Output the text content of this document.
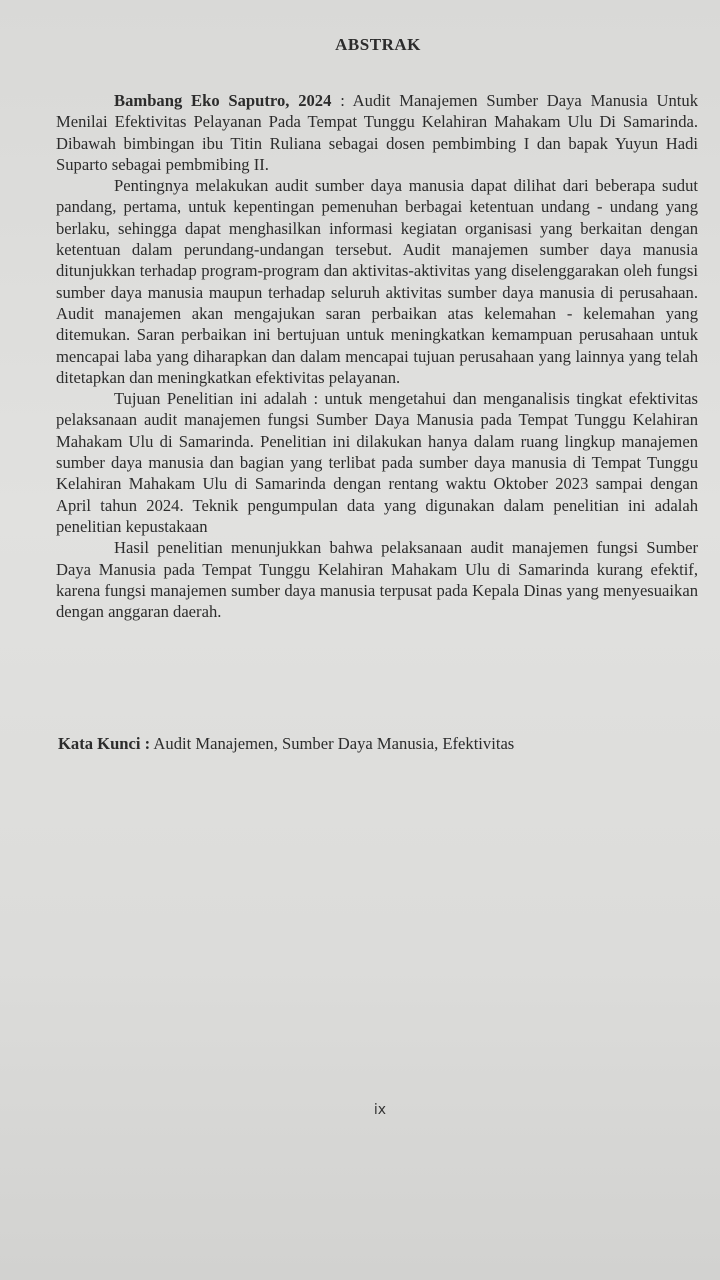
ABSTRAK

Bambang Eko Saputro, 2024 : Audit Manajemen Sumber Daya Manusia Untuk Menilai Efektivitas Pelayanan Pada Tempat Tunggu Kelahiran Mahakam Ulu Di Samarinda. Dibawah bimbingan ibu Titin Ruliana sebagai dosen pembimbing I dan bapak Yuyun Hadi Suparto sebagai pembmibing II.

Pentingnya melakukan audit sumber daya manusia dapat dilihat dari beberapa sudut pandang, pertama, untuk kepentingan pemenuhan berbagai ketentuan undang - undang yang berlaku, sehingga dapat menghasilkan informasi kegiatan organisasi yang berkaitan dengan ketentuan dalam perundang-undangan tersebut. Audit manajemen sumber daya manusia ditunjukkan terhadap program-program dan aktivitas-aktivitas yang diselenggarakan oleh fungsi sumber daya manusia maupun terhadap seluruh aktivitas sumber daya manusia di perusahaan. Audit manajemen akan mengajukan saran perbaikan atas kelemahan - kelemahan yang ditemukan. Saran perbaikan ini bertujuan untuk meningkatkan kemampuan perusahaan untuk mencapai laba yang diharapkan dan dalam mencapai tujuan perusahaan yang lainnya yang telah ditetapkan dan meningkatkan efektivitas pelayanan.

Tujuan Penelitian ini adalah : untuk mengetahui dan menganalisis tingkat efektivitas pelaksanaan audit manajemen fungsi Sumber Daya Manusia pada Tempat Tunggu Kelahiran Mahakam Ulu di Samarinda. Penelitian ini dilakukan hanya dalam ruang lingkup manajemen sumber daya manusia dan bagian yang terlibat pada sumber daya manusia di Tempat Tunggu Kelahiran Mahakam Ulu di Samarinda dengan rentang waktu Oktober 2023 sampai dengan April tahun 2024. Teknik pengumpulan data yang digunakan dalam penelitian ini adalah penelitian kepustakaan

Hasil penelitian menunjukkan bahwa pelaksanaan audit manajemen fungsi Sumber Daya Manusia pada Tempat Tunggu Kelahiran Mahakam Ulu di Samarinda kurang efektif, karena fungsi manajemen sumber daya manusia terpusat pada Kepala Dinas yang menyesuaikan dengan anggaran daerah.

Kata Kunci : Audit Manajemen, Sumber Daya Manusia, Efektivitas
ix
